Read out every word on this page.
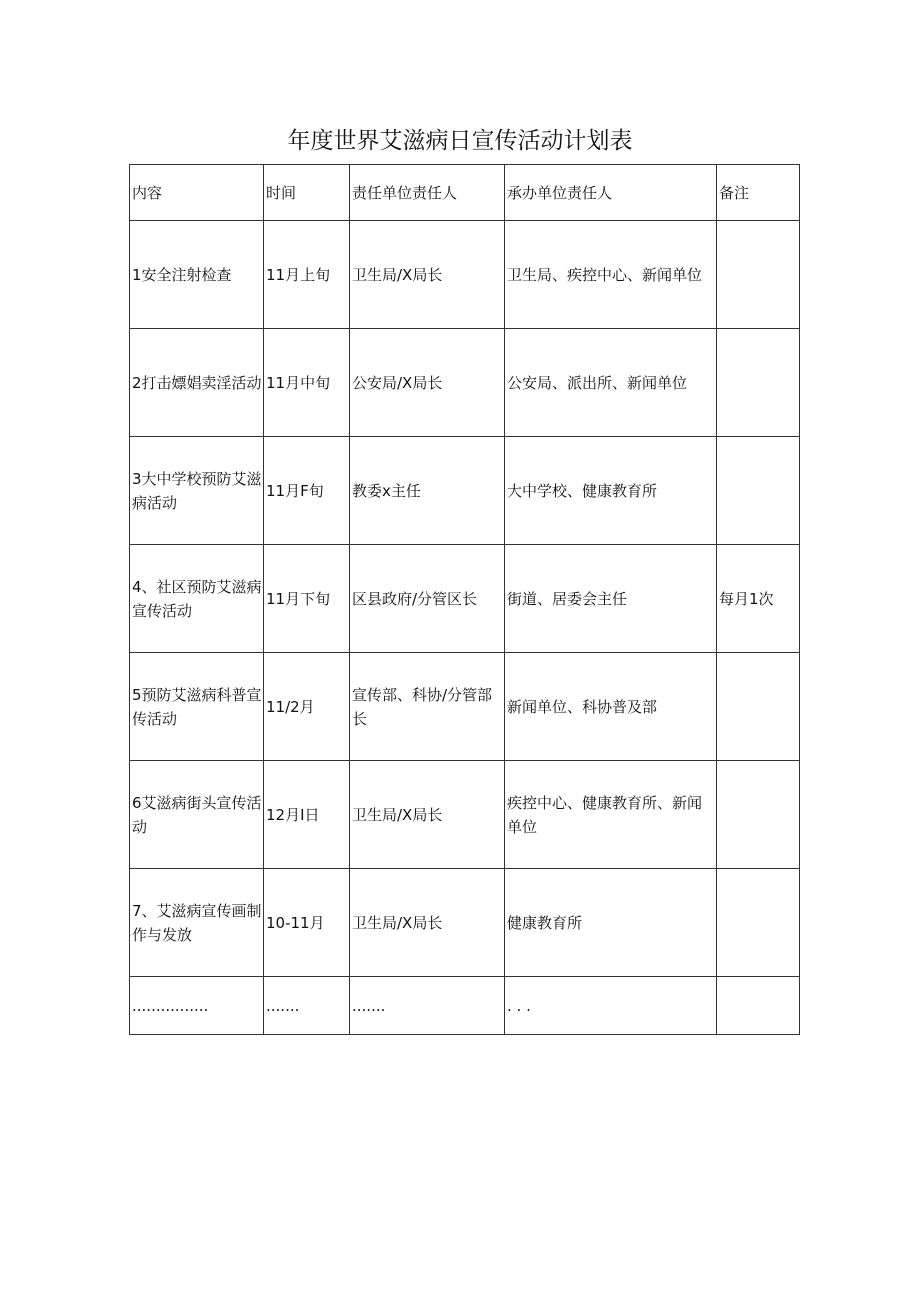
年度世界艾滋病日宣传活动计划表
内容	时间	责任单位责任人	承办单位责任人	备注
1安全注射检查	11月上旬	卫生局/X局长	卫生局、疾控中心、新闻单位	
2打击嫖娼卖淫活动	11月中旬	公安局/X局长	公安局、派出所、新闻单位	
3大中学校预防艾滋病活动	11月F旬	教委x主任	大中学校、健康教育所	
4、社区预防艾滋病宣传活动	11月下旬	区县政府/分管区长	街道、居委会主任	每月1次
5预防艾滋病科普宣传活动	11/2月	宣传部、科协/分管部长	新闻单位、科协普及部	
6艾滋病街头宣传活动	12月I日	卫生局/X局长	疾控中心、健康教育所、新闻单位	
7、艾滋病宣传画制作与发放	10-11月	卫生局/X局长	健康教育所	
................	.......	.......	. . .	
